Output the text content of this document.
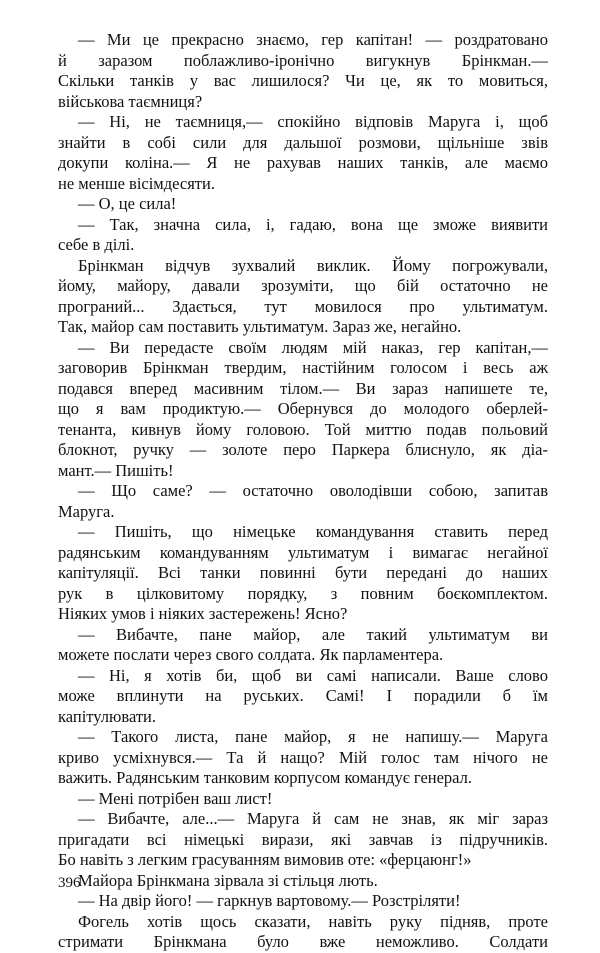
— Ми це прекрасно знаємо, гер капітан! — роздратовано
й заразом поблажливо-іронічно вигукнув Брінкман.—
Скільки танків у вас лишилося? Чи це, як то мовиться,
військова таємниця?
— Ні, не таємниця,— спокійно відповів Маруга і, щоб
знайти в собі сили для дальшої розмови, щільніше звів
докупи коліна.— Я не рахував наших танків, але маємо
не менше вісімдесяти.
— О, це сила!
— Так, значна сила, і, гадаю, вона ще зможе виявити
себе в ділі.
Брінкман відчув зухвалий виклик. Йому погрожували,
йому, майору, давали зрозуміти, що бій остаточно не
програний... Здається, тут мовилося про ультиматум.
Так, майор сам поставить ультиматум. Зараз же, негайно.
— Ви передасте своїм людям мій наказ, гер капітан,—
заговорив Брінкман твердим, настійним голосом і весь аж
подався вперед масивним тілом.— Ви зараз напишете те,
що я вам продиктую.— Обернувся до молодого оберлей-
тенанта, кивнув йому головою. Той миттю подав польовий
блокнот, ручку — золоте перо Паркера блиснуло, як діа-
мант.— Пишіть!
— Що саме? — остаточно оволодівши собою, запитав
Маруга.
— Пишіть, що німецьке командування ставить перед
радянським командуванням ультиматум і вимагає негайної
капітуляції. Всі танки повинні бути передані до наших
рук в цілковитому порядку, з повним боєкомплектом.
Ніяких умов і ніяких застережень! Ясно?
— Вибачте, пане майор, але такий ультиматум ви
можете послати через свого солдата. Як парламентера.
— Ні, я хотів би, щоб ви самі написали. Ваше слово
може вплинути на руських. Самі! І порадили б їм
капітулювати.
— Такого листа, пане майор, я не напишу.— Маруга
криво усміхнувся.— Та й нащо? Мій голос там нічого не
важить. Радянським танковим корпусом командує генерал.
— Мені потрібен ваш лист!
— Вибачте, але...— Маруга й сам не знав, як міг зараз
пригадати всі німецькі вирази, які завчав із підручників.
Бо навіть з легким грасуванням вимовив оте: «ферцаюнг!»
Майора Брінкмана зірвала зі стільця лють.
— На двір його! — гаркнув вартовому.— Розстріляти!
Фогель хотів щось сказати, навіть руку підняв, проте
стримати Брінкмана було вже неможливо. Солдати
396
